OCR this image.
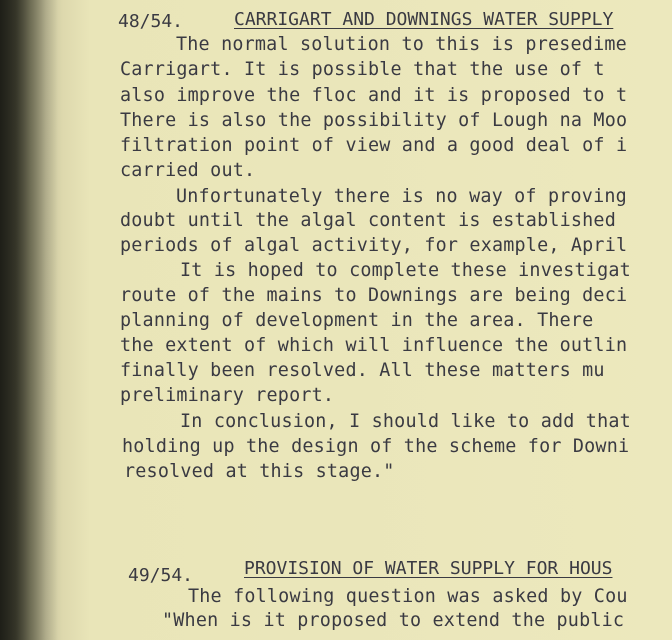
48/54.	CARRIGART AND DOWNINGS WATER SUPPLY
The normal solution to this is presedime
Carrigart. It is possible that the use of t
also improve the floc and it is proposed to t
There is also the possibility of Lough na Moo
filtration point of view and a good deal of i
carried out.
Unfortunately there is no way of proving
doubt until the algal content is established
periods of algal activity, for example, April
It is hoped to complete these investigat
route of the mains to Downings are being deci
planning of development in the area. There
the extent of which will influence the outlin
finally been resolved. All these matters mu
preliminary report.
In conclusion, I should like to add that
holding up the design of the scheme for Downi
resolved at this stage."
49/54.	PROVISION OF WATER SUPPLY FOR HOUS
The following question was asked by Cou
"When is it proposed to extend the public
